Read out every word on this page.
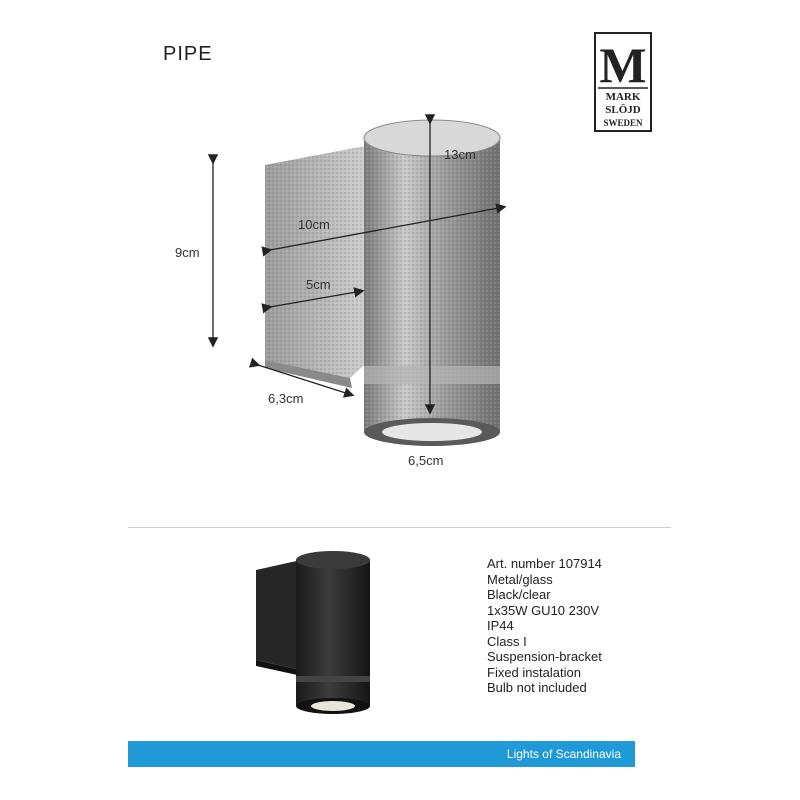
PIPE	M
MARK
SLÖJD
SWEDEN
9cm
13cm
10cm
5cm
6,3cm
6,5cm
Art. number 107914
Metal/glass
Black/clear
1x35W GU10 230V
IP44
Class I
Suspension-bracket
Fixed instalation
Bulb not included
Lights of Scandinavia
